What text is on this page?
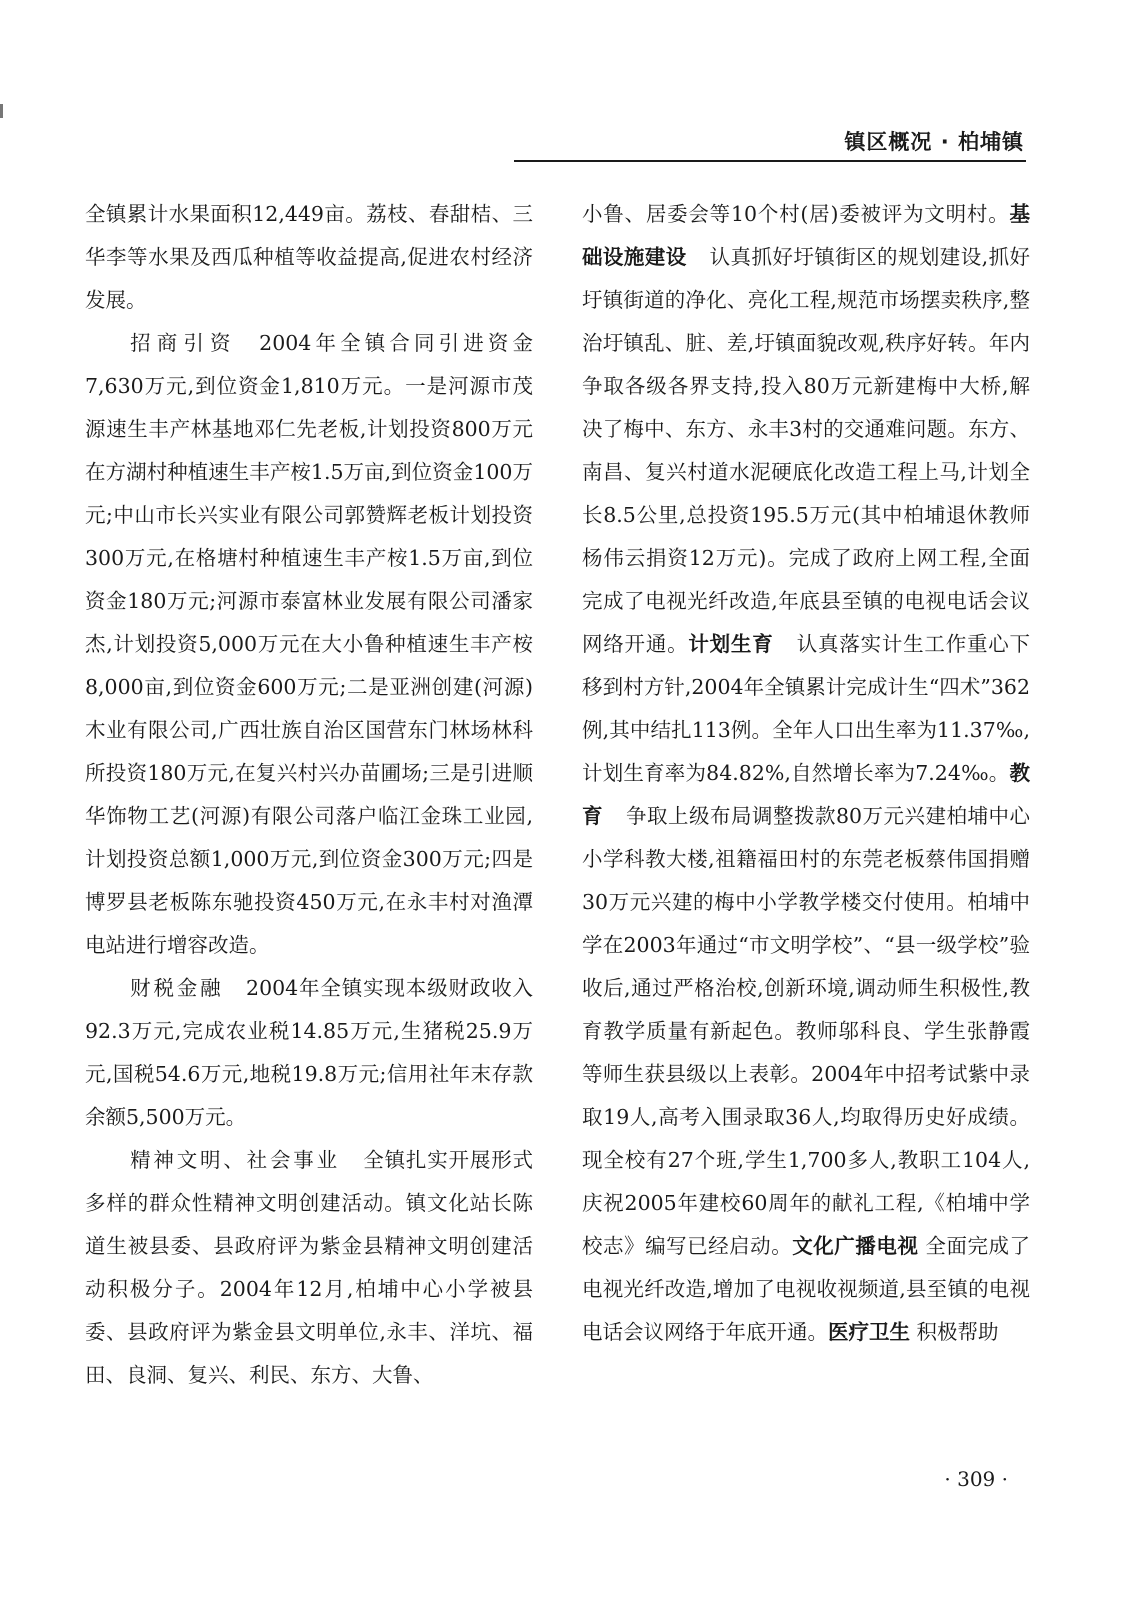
镇区概况 · 柏埔镇

全镇累计水果面积12,449亩。荔枝、春甜桔、三华李等水果及西瓜种植等收益提高,促进农村经济发展。

招商引资 2004年全镇合同引进资金7,630万元,到位资金1,810万元。一是河源市茂源速生丰产林基地邓仁先老板,计划投资800万元在方湖村种植速生丰产桉1.5万亩,到位资金100万元;中山市长兴实业有限公司郭赞辉老板计划投资300万元,在格塘村种植速生丰产桉1.5万亩,到位资金180万元;河源市泰富林业发展有限公司潘家杰,计划投资5,000万元在大小鲁种植速生丰产桉8,000亩,到位资金600万元;二是亚洲创建(河源)木业有限公司,广西壮族自治区国营东门林场林科所投资180万元,在复兴村兴办苗圃场;三是引进顺华饰物工艺(河源)有限公司落户临江金珠工业园,计划投资总额1,000万元,到位资金300万元;四是博罗县老板陈东驰投资450万元,在永丰村对渔潭电站进行增容改造。

财税金融 2004年全镇实现本级财政收入92.3万元,完成农业税14.85万元,生猪税25.9万元,国税54.6万元,地税19.8万元;信用社年末存款余额5,500万元。

精神文明、社会事业 全镇扎实开展形式多样的群众性精神文明创建活动。镇文化站长陈道生被县委、县政府评为紫金县精神文明创建活动积极分子。2004年12月,柏埔中心小学被县委、县政府评为紫金县文明单位,永丰、洋坑、福田、良洞、复兴、利民、东方、大鲁、

小鲁、居委会等10个村(居)委被评为文明村。基础设施建设 认真抓好圩镇街区的规划建设,抓好圩镇街道的净化、亮化工程,规范市场摆卖秩序,整治圩镇乱、脏、差,圩镇面貌改观,秩序好转。年内争取各级各界支持,投入80万元新建梅中大桥,解决了梅中、东方、永丰3村的交通难问题。东方、南昌、复兴村道水泥硬底化改造工程上马,计划全长8.5公里,总投资195.5万元(其中柏埔退休教师杨伟云捐资12万元)。完成了政府上网工程,全面完成了电视光纤改造,年底县至镇的电视电话会议网络开通。计划生育 认真落实计生工作重心下移到村方针,2004年全镇累计完成计生“四术”362例,其中结扎113例。全年人口出生率为11.37‰,计划生育率为84.82%,自然增长率为7.24‰。教育 争取上级布局调整拨款80万元兴建柏埔中心小学科教大楼,祖籍福田村的东莞老板蔡伟国捐赠30万元兴建的梅中小学教学楼交付使用。柏埔中学在2003年通过“市文明学校”、“县一级学校”验收后,通过严格治校,创新环境,调动师生积极性,教育教学质量有新起色。教师邬科良、学生张静霞等师生获县级以上表彰。2004年中招考试紫中录取19人,高考入围录取36人,均取得历史好成绩。现全校有27个班,学生1,700多人,教职工104人,庆祝2005年建校60周年的献礼工程,《柏埔中学校志》编写已经启动。文化广播电视 全面完成了电视光纤改造,增加了电视收视频道,县至镇的电视电话会议网络于年底开通。医疗卫生 积极帮助

· 309 ·
